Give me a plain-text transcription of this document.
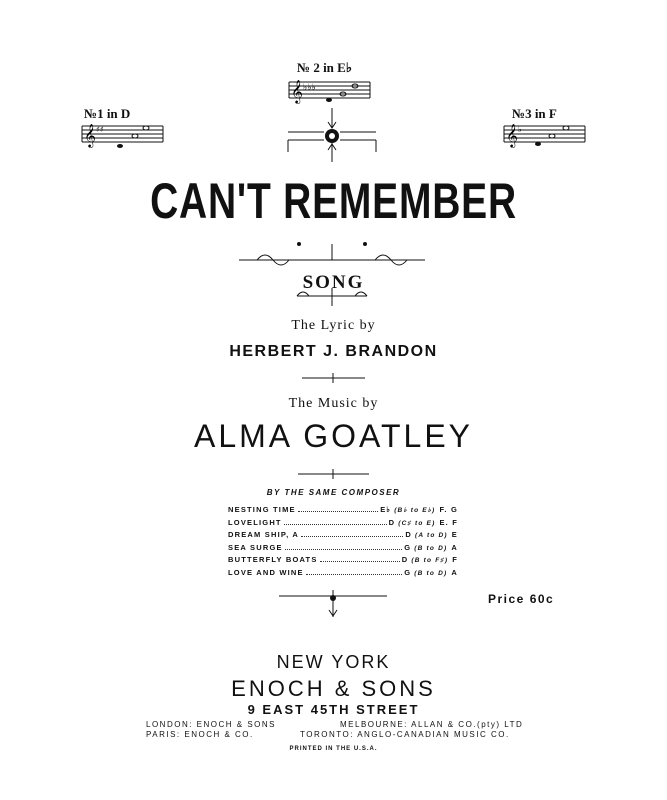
№1 in D
𝄞 ♯♯
№ 2 in E♭
𝄞 ♭♭♭
№3 in F
𝄞 ♭
CAN'T REMEMBER
SONG
The Lyric by
HERBERT J. BRANDON
The Music by
ALMA GOATLEY
BY THE SAME COMPOSER
NESTING TIME	E♭ (B♭ to E♭) F. G
LOVELIGHT	D (C♯ to E) E. F
DREAM SHIP, A	D (A to D) E
SEA SURGE	G (B to D) A
BUTTERFLY BOATS	D (B to F♯) F
LOVE AND WINE	G (B to D) A
Price 60c
NEW YORK
ENOCH & SONS
9 EAST 45TH STREET
LONDON: ENOCH & SONS	MELBOURNE: ALLAN & CO.(pty) LTD
PARIS: ENOCH & CO.	TORONTO: ANGLO-CANADIAN MUSIC CO.
PRINTED IN THE U.S.A.
